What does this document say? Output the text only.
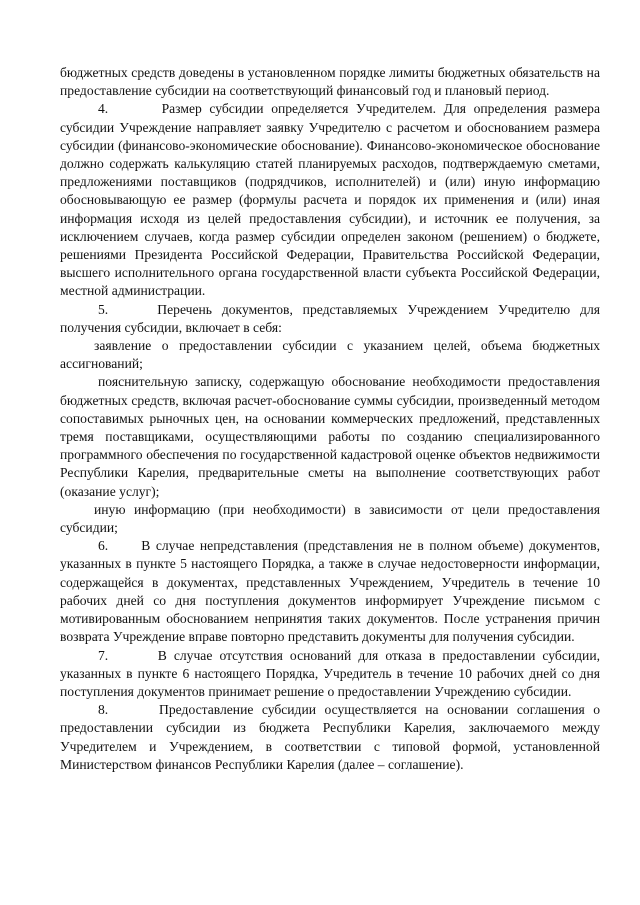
бюджетных средств доведены в установленном порядке лимиты бюджетных обязательств на предоставление субсидии на соответствующий финансовый год и плановый период.

4.       Размер субсидии определяется Учредителем. Для определения размера субсидии Учреждение направляет заявку Учредителю с расчетом и обоснованием размера субсидии (финансово-экономические обоснование). Финансово-экономическое обоснование должно содержать калькуляцию статей планируемых расходов, подтверждаемую сметами, предложениями поставщиков (подрядчиков, исполнителей) и (или) иную информацию обосновывающую ее размер (формулы расчета и порядок их применения и (или) иная информация исходя из целей предоставления субсидии), и источник ее получения, за исключением случаев, когда размер субсидии определен законом (решением) о бюджете, решениями Президента Российской Федерации, Правительства Российской Федерации, высшего исполнительного органа государственной власти субъекта Российской Федерации, местной администрации.

5.     Перечень документов, представляемых Учреждением Учредителю для получения субсидии, включает в себя:

заявление о предоставлении субсидии с указанием целей, объема бюджетных ассигнований;

пояснительную записку, содержащую обоснование необходимости предоставления бюджетных средств, включая расчет-обоснование суммы субсидии, произведенный методом сопоставимых рыночных цен, на основании коммерческих предложений, представленных тремя поставщиками, осуществляющими работы по созданию специализированного программного обеспечения по государственной кадастровой оценке объектов недвижимости Республики Карелия, предварительные сметы на выполнение соответствующих работ (оказание услуг);

иную информацию (при необходимости) в зависимости от цели предоставления субсидии;

6.      В случае непредставления (представления не в полном объеме) документов, указанных в пункте 5 настоящего Порядка, а также в случае недостоверности информации, содержащейся в документах, представленных Учреждением, Учредитель в течение 10 рабочих дней со дня поступления документов информирует Учреждение письмом с мотивированным обоснованием непринятия таких документов. После устранения причин возврата Учреждение вправе повторно представить документы для получения субсидии.

7.       В случае отсутствия оснований для отказа в предоставлении субсидии, указанных в пункте 6 настоящего Порядка, Учредитель в течение 10 рабочих дней со дня поступления документов принимает решение о предоставлении Учреждению субсидии.

8.      Предоставление субсидии осуществляется на основании соглашения о предоставлении субсидии из бюджета Республики Карелия, заключаемого между Учредителем и Учреждением, в соответствии с типовой формой, установленной Министерством финансов Республики Карелия (далее – соглашение).
